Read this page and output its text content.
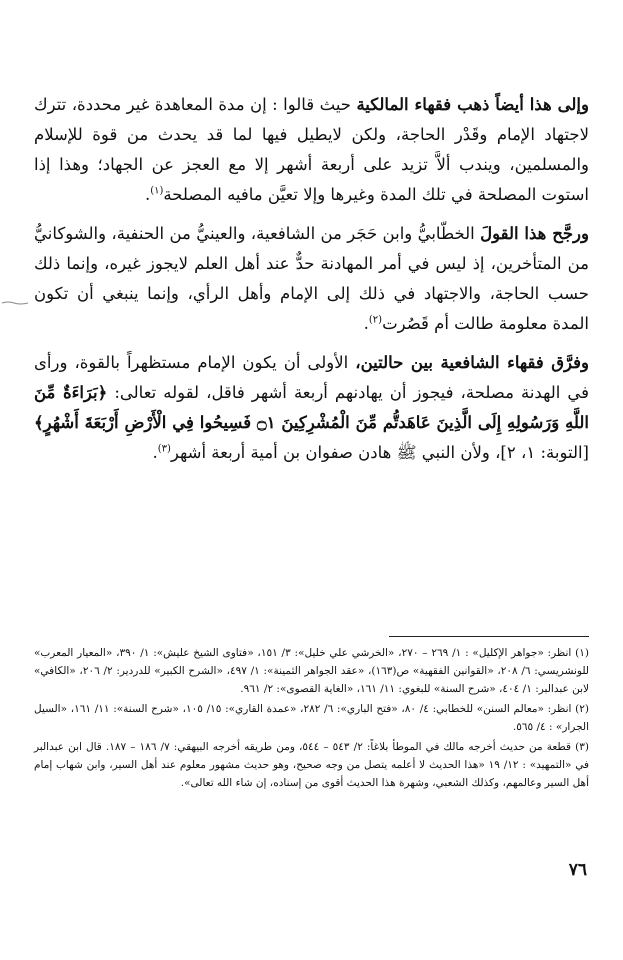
وإلى هذا أيضاً ذهب فقهاء المالكية حيث قالوا : إن مدة المعاهدة غير محددة، تترك لاجتهاد الإمام وقَدْر الحاجة، ولكن لايطيل فيها لما قد يحدث من قوة للإسلام والمسلمين، ويندب ألاَّ تزيد على أربعة أشهر إلا مع العجز عن الجهاد؛ وهذا إذا استوت المصلحة في تلك المدة وغيرها وإلا تعيَّن مافيه المصلحة$^{(١)}$.

ورجَّح هذا القولَ الخطّابيُّ وابن حَجَر من الشافعية، والعينيُّ من الحنفية، والشوكانيُّ من المتأخرين، إذ ليس في أمر المهادنة حدٌّ عند أهل العلم لايجوز غيره، وإنما ذلك حسب الحاجة، والاجتهاد في ذلك إلى الإمام وأهل الرأي، وإنما ينبغي أن تكون المدة معلومة طالت أم قَصُرت$^{(٢)}$.

وفرَّق فقهاء الشافعية بين حالتين، الأولى أن يكون الإمام مستظهراً بالقوة، ورأى في الهدنة مصلحة، فيجوز أن يهادنهم أربعة أشهر فاقل، لقوله تعالى: ﴿بَرَاءَةٌ مِّنَ اللَّهِ وَرَسُولِهِ إِلَى الَّذِينَ عَاهَدتُّم مِّنَ الْمُشْرِكِينَ ۝١ فَسِيحُوا فِي الْأَرْضِ أَرْبَعَةَ أَشْهُرٍ﴾ [التوبة: ١، ٢]، ولأن النبي ﷺ هادن صفوان بن أمية أربعة أشهر$^{(٣)}$.

(١) انظر: «جواهر الإكليل» : ١/ ٢٦٩ – ٢٧٠، «الخرشي علي خليل»: ٣/ ١٥١، «فتاوى الشيخ عليش»: ١/ ٣٩٠، «المعيار المعرب» للونشريسي: ٦/ ٢٠٨، «القوانين الفقهية» ص(١٦٣)، «عقد الجواهر الثمينة»: ١/ ٤٩٧، «الشرح الكبير» للدردير: ٢/ ٢٠٦، «الكافي» لابن عبدالبر: ١/ ٤٠٤، «شرح السنة» للبغوي: ١١/ ١٦١، «الغاية القصوى»: ٢/ ٩٦١.

(٢) انظر: «معالم السنن» للخطابي: ٤/ ٨٠، «فتح الباري»: ٦/ ٢٨٢، «عمدة القاري»: ١٥/ ١٠٥، «شرح السنة»: ١١/ ١٦١، «السيل الجرار» : ٤/ ٥٦٥.

(٣) قطعة من حديث أخرجه مالك في الموطأ بلاغاً: ٢/ ٥٤٣ – ٥٤٤، ومن طريقه أخرجه البيهقي: ٧/ ١٨٦ – ١٨٧. قال ابن عبدالبر في «التمهيد» : ١٢/ ١٩ «هذا الحديث لا أعلمه يتصل من وجه صحيح، وهو حديث مشهور معلوم عند أهل السير، وابن شهاب إمام أهل السير وعالمهم، وكذلك الشعبي، وشهرة هذا الحديث أقوى من إسناده، إن شاء الله تعالى».

٧٦
